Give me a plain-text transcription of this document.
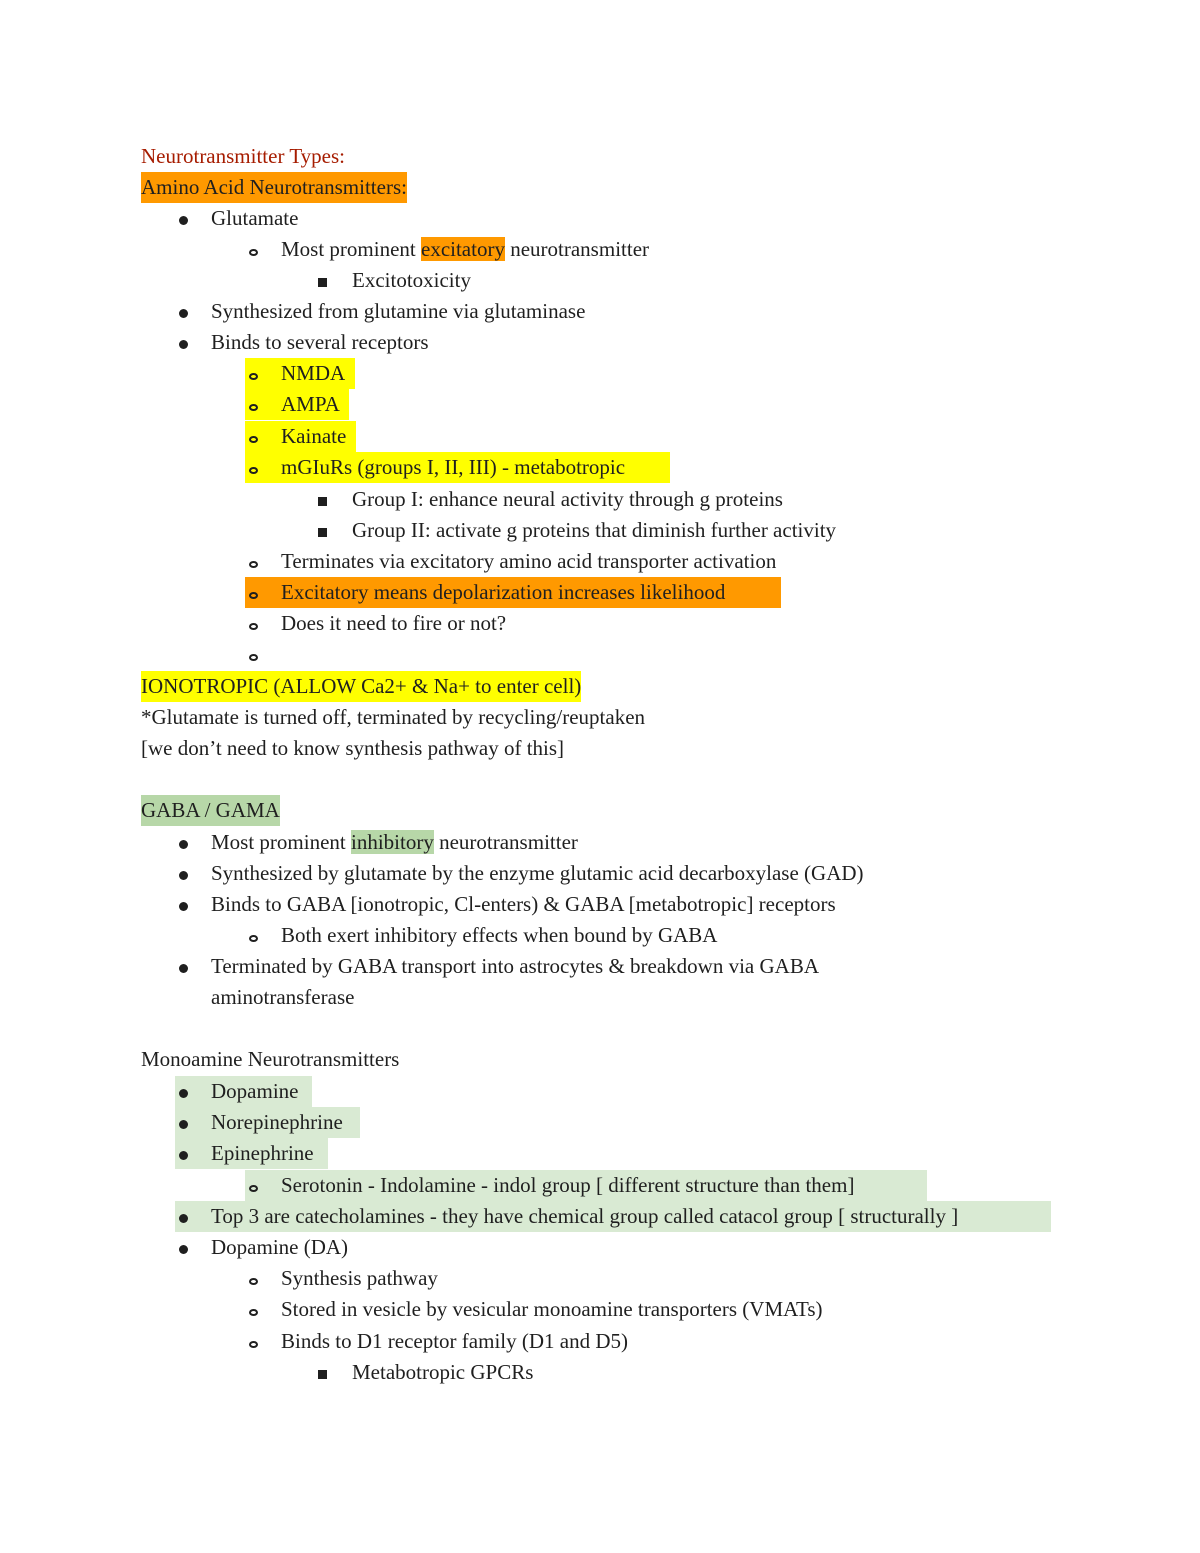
Neurotransmitter Types:
Amino Acid Neurotransmitters:
Glutamate
Most prominent excitatory neurotransmitter
Excitotoxicity
Synthesized from glutamine via glutaminase
Binds to several receptors
NMDA
AMPA
Kainate
mGIuRs (groups I, II, III) - metabotropic
Group I: enhance neural activity through g proteins
Group II: activate g proteins that diminish further activity
Terminates via excitatory amino acid transporter activation
Excitatory means depolarization increases likelihood
Does it need to fire or not?
IONOTROPIC (ALLOW Ca2+ & Na+ to enter cell)
*Glutamate is turned off, terminated by recycling/reuptaken
[we don’t need to know synthesis pathway of this]
GABA / GAMA
Most prominent inhibitory neurotransmitter
Synthesized by glutamate by the enzyme glutamic acid decarboxylase (GAD)
Binds to GABA [ionotropic, Cl-enters) & GABA [metabotropic] receptors
Both exert inhibitory effects when bound by GABA
Terminated by GABA transport into astrocytes & breakdown via GABA
aminotransferase
Monoamine Neurotransmitters
Dopamine
Norepinephrine
Epinephrine
Serotonin - Indolamine - indol group [ different structure than them]
Top 3 are catecholamines - they have chemical group called catacol group [ structurally ]
Dopamine (DA)
Synthesis pathway
Stored in vesicle by vesicular monoamine transporters (VMATs)
Binds to D1 receptor family (D1 and D5)
Metabotropic GPCRs
